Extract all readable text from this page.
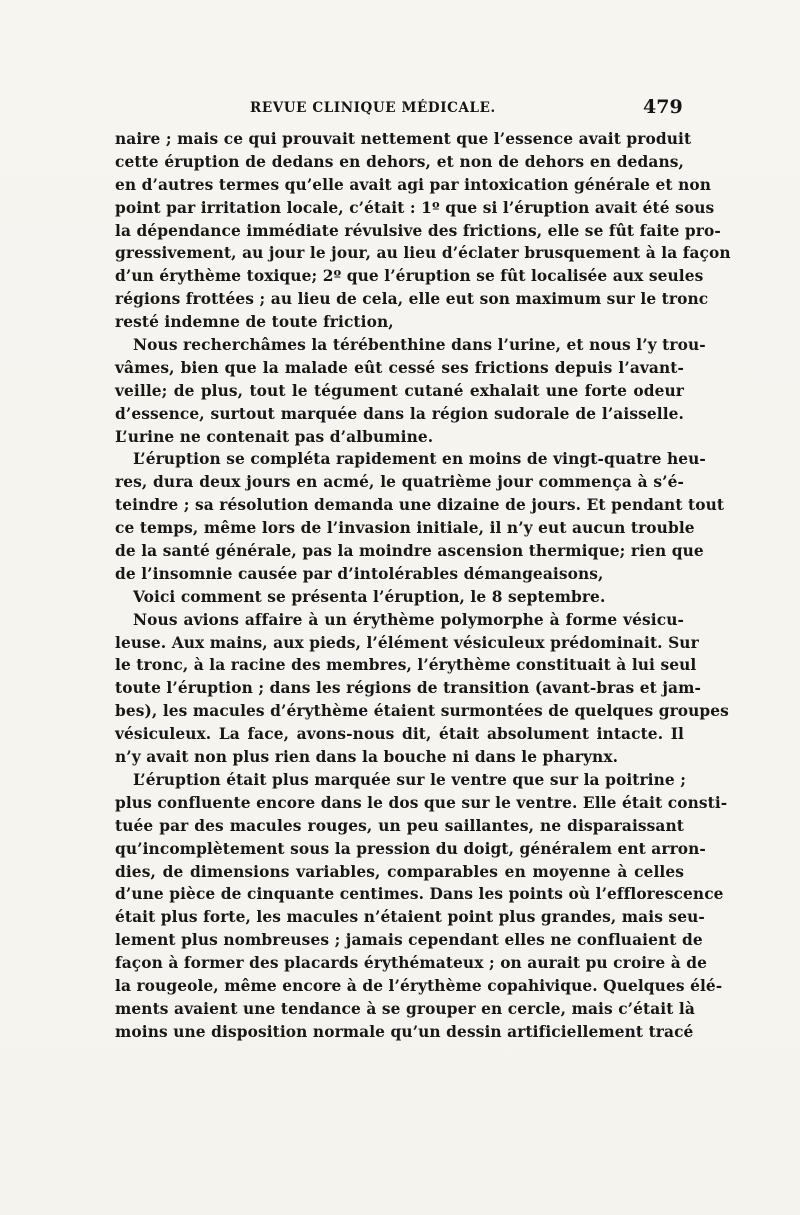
REVUE CLINIQUE MÉDICALE.	479
naire ; mais ce qui prouvait nettement que l’essence avait produit
cette éruption de dedans en dehors, et non de dehors en dedans,
en d’autres termes qu’elle avait agi par intoxication générale et non
point par irritation locale, c’était : 1º que si l’éruption avait été sous
la dépendance immédiate révulsive des frictions, elle se fût faite pro-
gressivement, au jour le jour, au lieu d’éclater brusquement à la façon
d’un érythème toxique; 2º que l’éruption se fût localisée aux seules
régions frottées ; au lieu de cela, elle eut son maximum sur le tronc
resté indemne de toute friction,
Nous recherchâmes la térébenthine dans l’urine, et nous l’y trou-
vâmes, bien que la malade eût cessé ses frictions depuis l’avant-
veille; de plus, tout le tégument cutané exhalait une forte odeur
d’essence, surtout marquée dans la région sudorale de l’aisselle.
L’urine ne contenait pas d’albumine.
L’éruption se compléta rapidement en moins de vingt-quatre heu-
res, dura deux jours en acmé, le quatrième jour commença à s’é-
teindre ; sa résolution demanda une dizaine de jours. Et pendant tout
ce temps, même lors de l’invasion initiale, il n’y eut aucun trouble
de la santé générale, pas la moindre ascension thermique; rien que
de l’insomnie causée par d’intolérables démangeaisons,
Voici comment se présenta l’éruption, le 8 septembre.
Nous avions affaire à un érythème polymorphe à forme vésicu-
leuse. Aux mains, aux pieds, l’élément vésiculeux prédominait. Sur
le tronc, à la racine des membres, l’érythème constituait à lui seul
toute l’éruption ; dans les régions de transition (avant-bras et jam-
bes), les macules d’érythème étaient surmontées de quelques groupes
vésiculeux. La face, avons-nous dit, était absolument intacte. Il
n’y avait non plus rien dans la bouche ni dans le pharynx.
L’éruption était plus marquée sur le ventre que sur la poitrine ;
plus confluente encore dans le dos que sur le ventre. Elle était consti-
tuée par des macules rouges, un peu saillantes, ne disparaissant
qu’incomplètement sous la pression du doigt, généralem ent arron-
dies, de dimensions variables, comparables en moyenne à celles
d’une pièce de cinquante centimes. Dans les points où l’efflorescence
était plus forte, les macules n’étaient point plus grandes, mais seu-
lement plus nombreuses ; jamais cependant elles ne confluaient de
façon à former des placards érythémateux ; on aurait pu croire à de
la rougeole, même encore à de l’érythème copahivique. Quelques élé-
ments avaient une tendance à se grouper en cercle, mais c’était là
moins une disposition normale qu’un dessin artificiellement tracé
